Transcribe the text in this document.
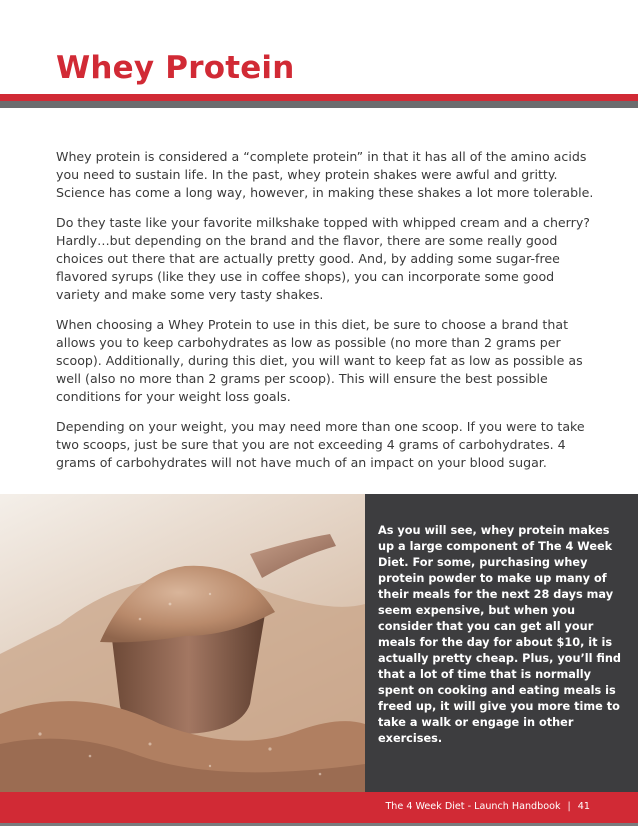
Whey Protein

Whey protein is considered a “complete protein” in that it has all of the amino acids you need to sustain life. In the past, whey protein shakes were awful and gritty. Science has come a long way, however, in making these shakes a lot more tolerable.

Do they taste like your favorite milkshake topped with whipped cream and a cherry? Hardly…but depending on the brand and the flavor, there are some really good choices out there that are actually pretty good. And, by adding some sugar-free flavored syrups (like they use in coffee shops), you can incorporate some good variety and make some very tasty shakes.

When choosing a Whey Protein to use in this diet, be sure to choose a brand that allows you to keep carbohydrates as low as possible (no more than 2 grams per scoop). Additionally, during this diet, you will want to keep fat as low as possible as well (also no more than 2 grams per scoop). This will ensure the best possible conditions for your weight loss goals.

Depending on your weight, you may need more than one scoop. If you were to take two scoops, just be sure that you are not exceeding 4 grams of carbohydrates. 4 grams of carbohydrates will not have much of an impact on your blood sugar.

As you will see, whey protein makes up a large component of The 4 Week Diet. For some, purchasing whey protein powder to make up many of their meals for the next 28 days may seem expensive, but when you consider that you can get all your meals for the day for about $10, it is actually pretty cheap. Plus, you’ll find that a lot of time that is normally spent on cooking and eating meals is freed up, it will give you more time to take a walk or engage in other exercises.

The 4 Week Diet - Launch Handbook | 41
